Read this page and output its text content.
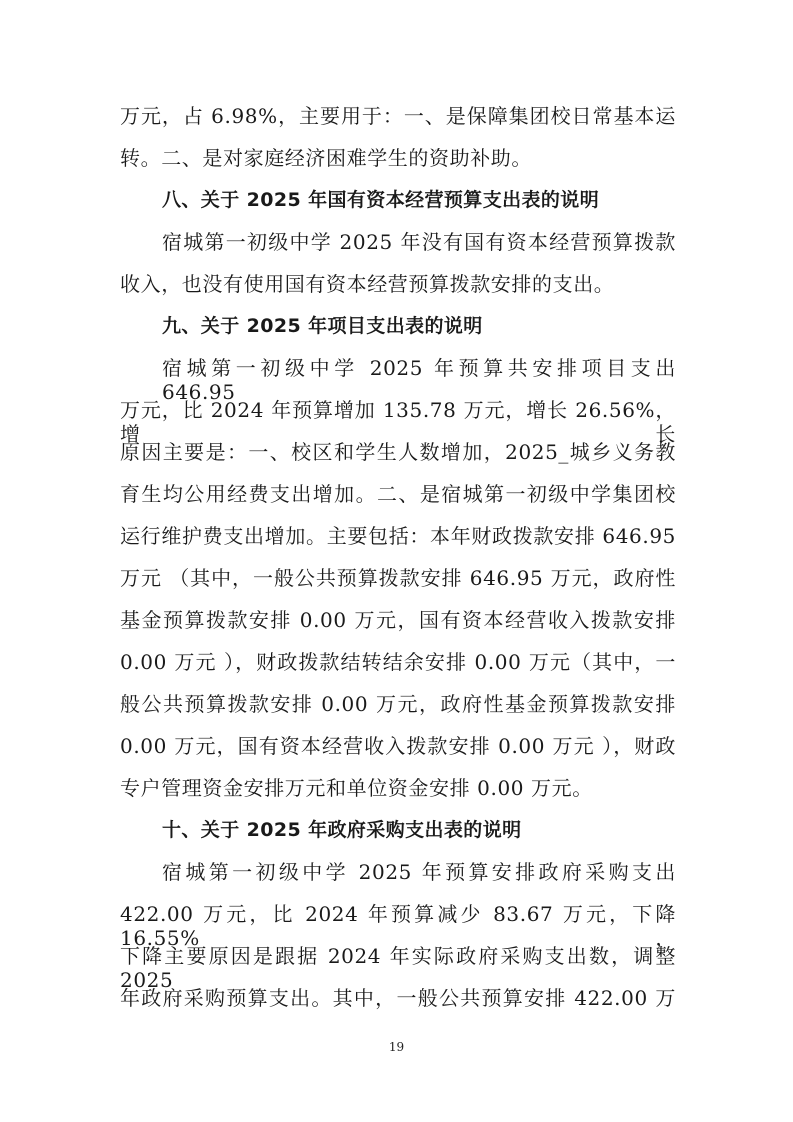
万元，占 6.98%，主要用于：一、是保障集团校日常基本运
转。二、是对家庭经济困难学生的资助补助。
八、关于 2025 年国有资本经营预算支出表的说明
宿城第一初级中学 2025 年没有国有资本经营预算拨款
收入，也没有使用国有资本经营预算拨款安排的支出。
九、关于 2025 年项目支出表的说明
宿城第一初级中学 2025 年预算共安排项目支出 646.95
万元，比 2024 年预算增加 135.78 万元，增长 26.56%，增长
原因主要是：一、校区和学生人数增加，2025_城乡义务教
育生均公用经费支出增加。二、是宿城第一初级中学集团校
运行维护费支出增加。主要包括：本年财政拨款安排 646.95
万元 （其中，一般公共预算拨款安排 646.95 万元，政府性
基金预算拨款安排 0.00 万元，国有资本经营收入拨款安排
0.00 万元 ），财政拨款结转结余安排 0.00 万元（其中，一
般公共预算拨款安排 0.00 万元，政府性基金预算拨款安排
0.00 万元，国有资本经营收入拨款安排 0.00 万元 ），财政
专户管理资金安排万元和单位资金安排 0.00 万元。
十、关于 2025 年政府采购支出表的说明
宿城第一初级中学 2025 年预算安排政府采购支出
422.00 万元，比 2024 年预算减少 83.67 万元，下降 16.55%，
下降主要原因是跟据 2024 年实际政府采购支出数，调整 2025
年政府采购预算支出。其中，一般公共预算安排 422.00 万
19
